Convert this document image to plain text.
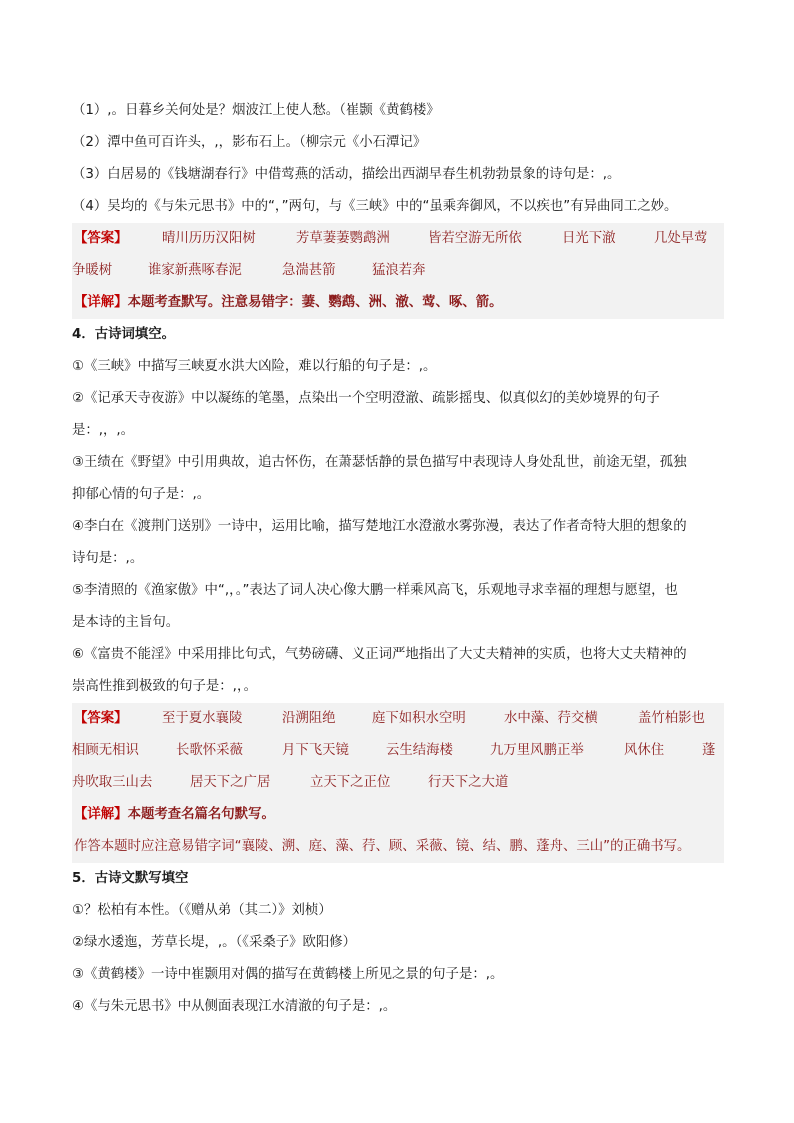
（1）,。日暮乡关何处是？烟波江上使人愁。（崔颢《黄鹤楼》
（2）潭中鱼可百许头，,，影布石上。（柳宗元《小石潭记》
（3）白居易的《钱塘湖春行》中借莺燕的活动，描绘出西湖早春生机勃勃景象的诗句是：,。
（4）吴均的《与朱元思书》中的“，”两句，与《三峡》中的“虽乘奔御风，不以疾也”有异曲同工之妙。
【答案】	晴川历历汉阳树	芳草萋萋鹦鹉洲	皆若空游无所依	日光下澈	几处早莺
争暖树	谁家新燕啄春泥	急湍甚箭	猛浪若奔
【详解】本题考查默写。注意易错字：萋、鹦鹉、洲、澈、莺、啄、箭。
4．古诗词填空。
①《三峡》中描写三峡夏水洪大凶险，难以行船的句子是：,。
②《记承天寺夜游》中以凝练的笔墨，点染出一个空明澄澈、疏影摇曳、似真似幻的美妙境界的句子
是：,，,。
③王绩在《野望》中引用典故，追古怀伤，在萧瑟恬静的景色描写中表现诗人身处乱世，前途无望，孤独
抑郁心情的句子是：,。
④李白在《渡荆门送别》一诗中，运用比喻，描写楚地江水澄澈水雾弥漫，表达了作者奇特大胆的想象的
诗句是：,。
⑤李清照的《渔家傲》中“,，。”表达了词人决心像大鹏一样乘风高飞，乐观地寻求幸福的理想与愿望，也
是本诗的主旨句。
⑥《富贵不能淫》中采用排比句式，气势磅礴、义正词严地指出了大丈夫精神的实质，也将大丈夫精神的
崇高性推到极致的句子是：,，。
【答案】	至于夏水襄陵	沿溯阻绝	庭下如积水空明	水中藻、荇交横	盖竹柏影也
相顾无相识	长歌怀采薇	月下飞天镜	云生结海楼	九万里风鹏正举	风休住	蓬
舟吹取三山去	居天下之广居	立天下之正位	行天下之大道
【详解】本题考查名篇名句默写。
作答本题时应注意易错字词“襄陵、溯、庭、藻、荇、顾、采薇、镜、结、鹏、蓬舟、三山”的正确书写。
5．古诗文默写填空
①？松柏有本性。（《赠从弟（其二）》刘桢）
②绿水逶迤，芳草长堤，,。（《采桑子》欧阳修）
③《黄鹤楼》一诗中崔颢用对偶的描写在黄鹤楼上所见之景的句子是：,。
④《与朱元思书》中从侧面表现江水清澈的句子是：,。
